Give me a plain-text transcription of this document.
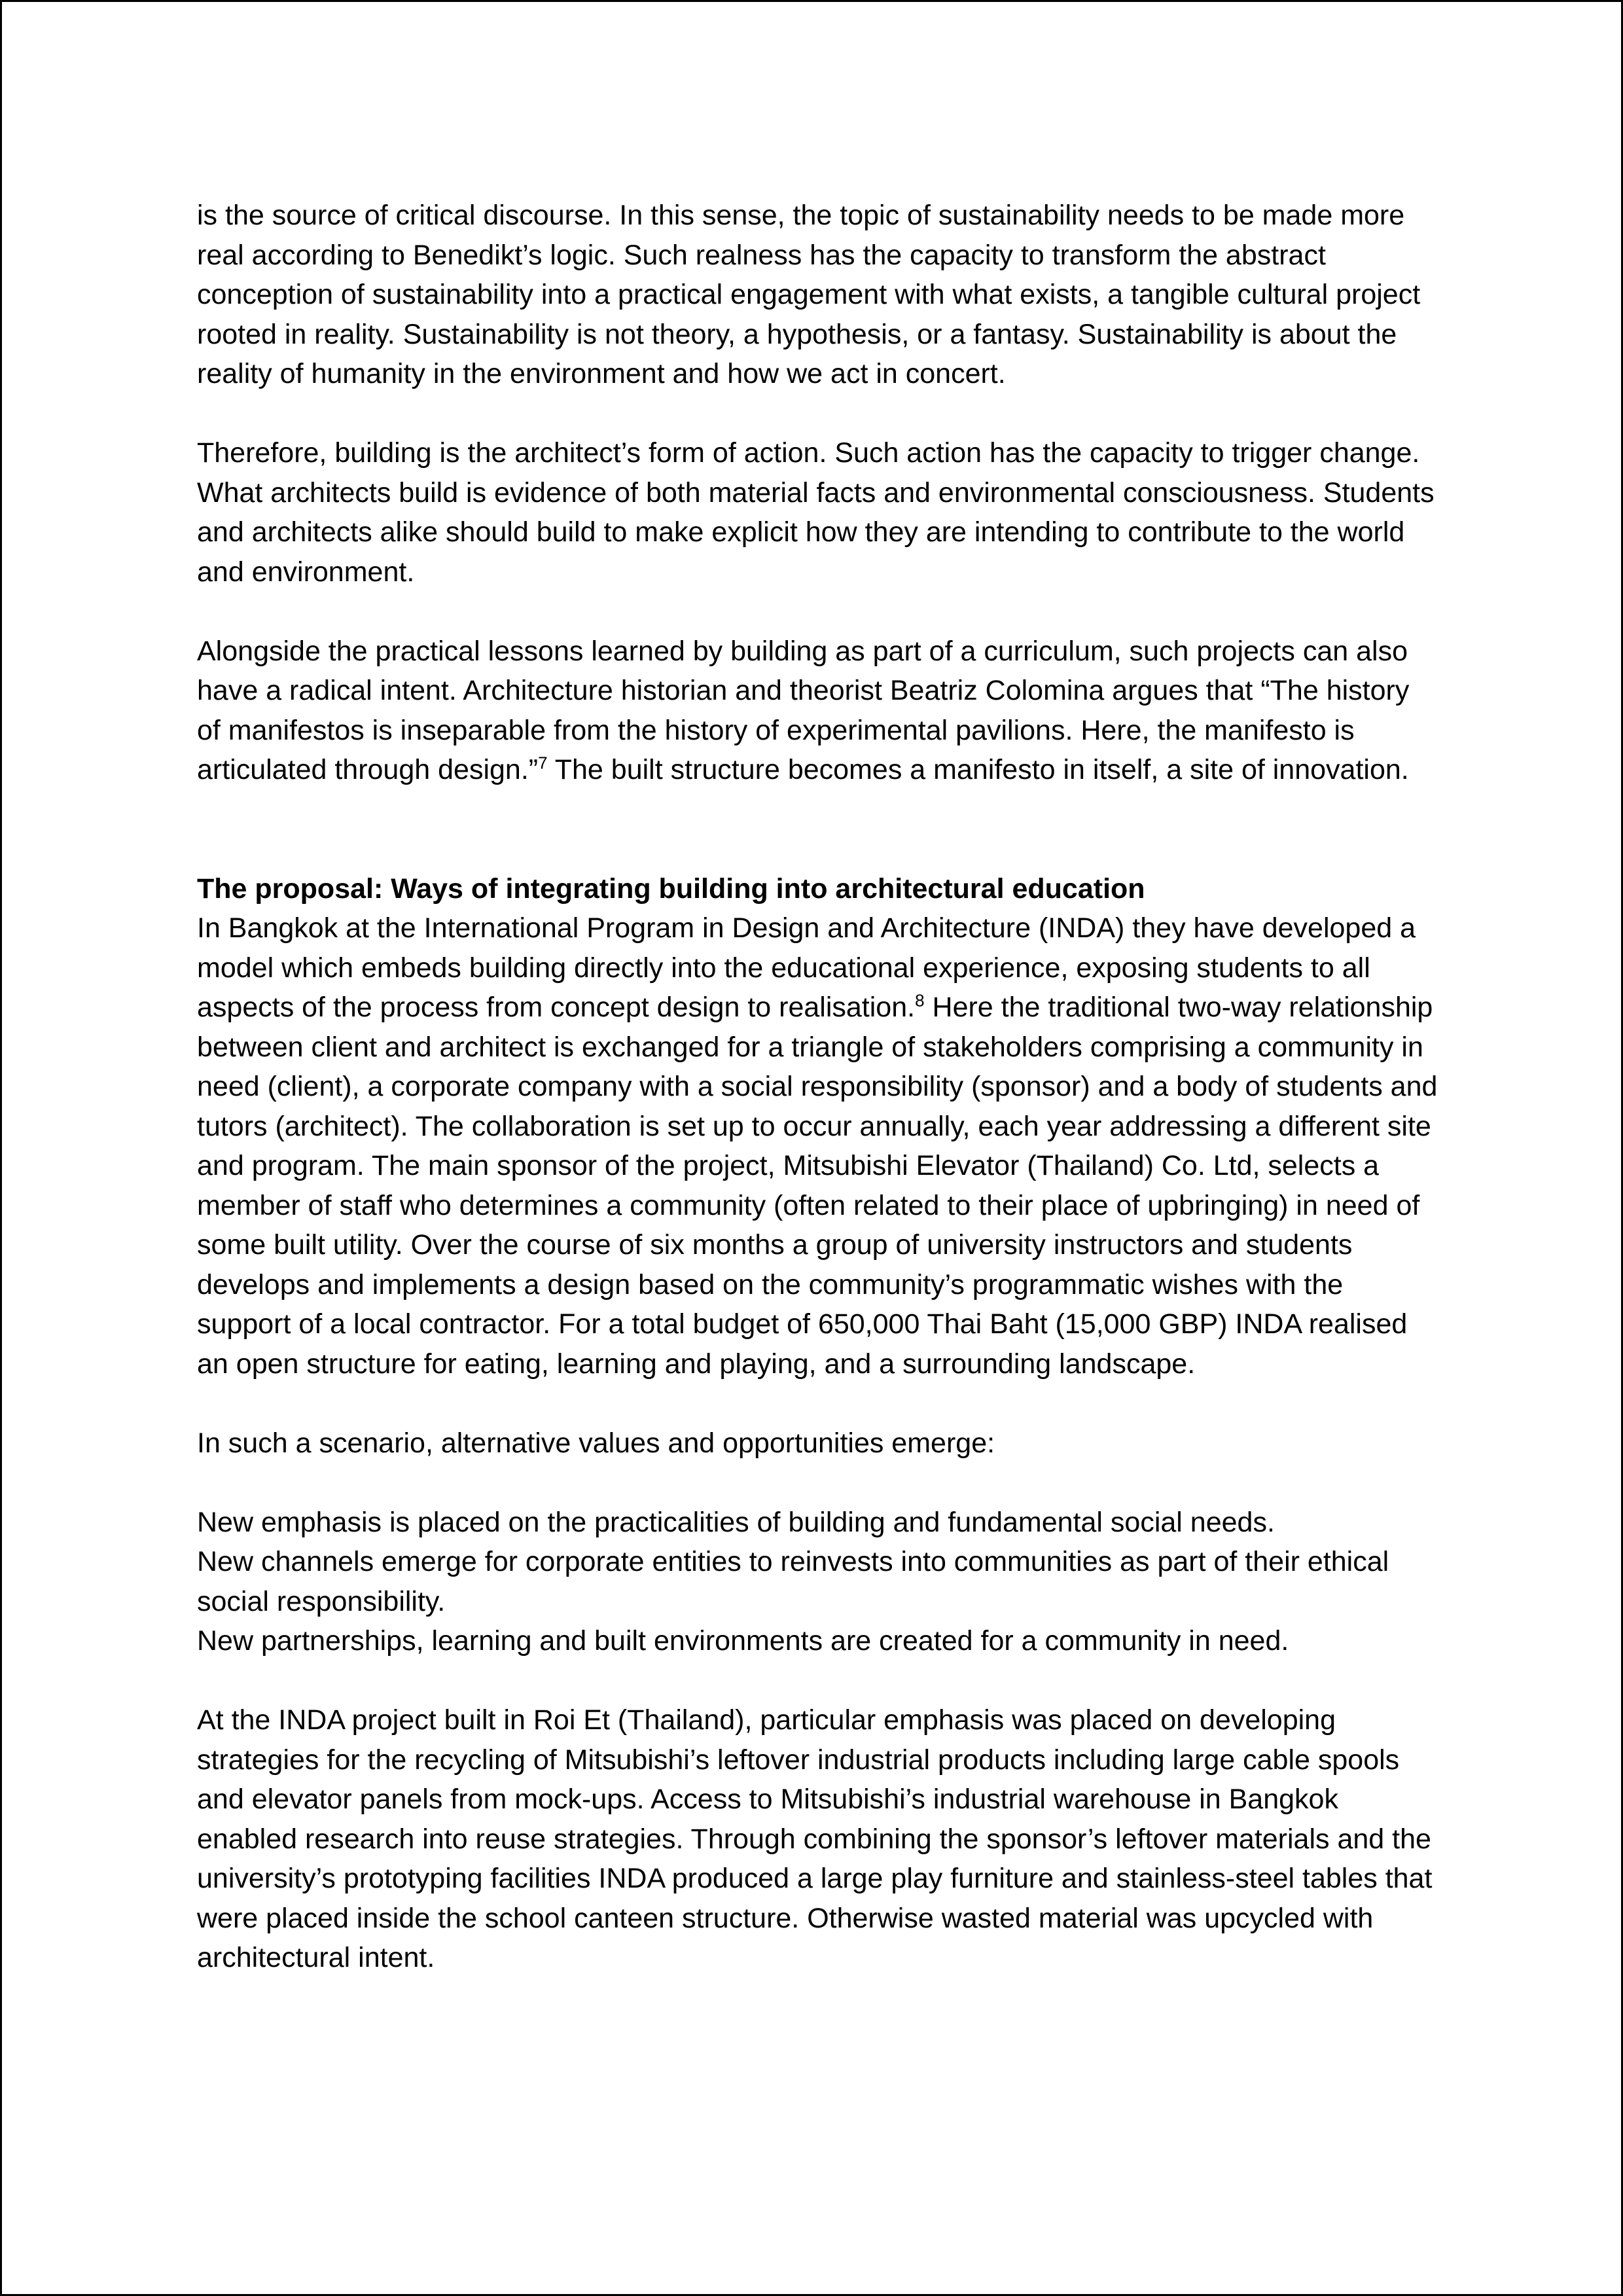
is the source of critical discourse. In this sense, the topic of sustainability needs to be made more real according to Benedikt’s logic. Such realness has the capacity to transform the abstract conception of sustainability into a practical engagement with what exists, a tangible cultural project rooted in reality. Sustainability is not theory, a hypothesis, or a fantasy. Sustainability is about the reality of humanity in the environment and how we act in concert.

Therefore, building is the architect’s form of action. Such action has the capacity to trigger change. What architects build is evidence of both material facts and environmental consciousness. Students and architects alike should build to make explicit how they are intending to contribute to the world and environment.

Alongside the practical lessons learned by building as part of a curriculum, such projects can also have a radical intent. Architecture historian and theorist Beatriz Colomina argues that “The history of manifestos is inseparable from the history of experimental pavilions. Here, the manifesto is articulated through design.”$^7$ The built structure becomes a manifesto in itself, a site of innovation.

The proposal: Ways of integrating building into architectural education

In Bangkok at the International Program in Design and Architecture (INDA) they have developed a model which embeds building directly into the educational experience, exposing students to all aspects of the process from concept design to realisation.$^8$ Here the traditional two-way relationship between client and architect is exchanged for a triangle of stakeholders comprising a community in need (client), a corporate company with a social responsibility (sponsor) and a body of students and tutors (architect). The collaboration is set up to occur annually, each year addressing a different site and program. The main sponsor of the project, Mitsubishi Elevator (Thailand) Co. Ltd, selects a member of staff who determines a community (often related to their place of upbringing) in need of some built utility. Over the course of six months a group of university instructors and students develops and implements a design based on the community’s programmatic wishes with the support of a local contractor. For a total budget of 650,000 Thai Baht (15,000 GBP) INDA realised an open structure for eating, learning and playing, and a surrounding landscape.

In such a scenario, alternative values and opportunities emerge:

New emphasis is placed on the practicalities of building and fundamental social needs.

New channels emerge for corporate entities to reinvests into communities as part of their ethical social responsibility.

New partnerships, learning and built environments are created for a community in need.

At the INDA project built in Roi Et (Thailand), particular emphasis was placed on developing strategies for the recycling of Mitsubishi’s leftover industrial products including large cable spools and elevator panels from mock-ups. Access to Mitsubishi’s industrial warehouse in Bangkok enabled research into reuse strategies. Through combining the sponsor’s leftover materials and the university’s prototyping facilities INDA produced a large play furniture and stainless-steel tables that were placed inside the school canteen structure. Otherwise wasted material was upcycled with architectural intent.
